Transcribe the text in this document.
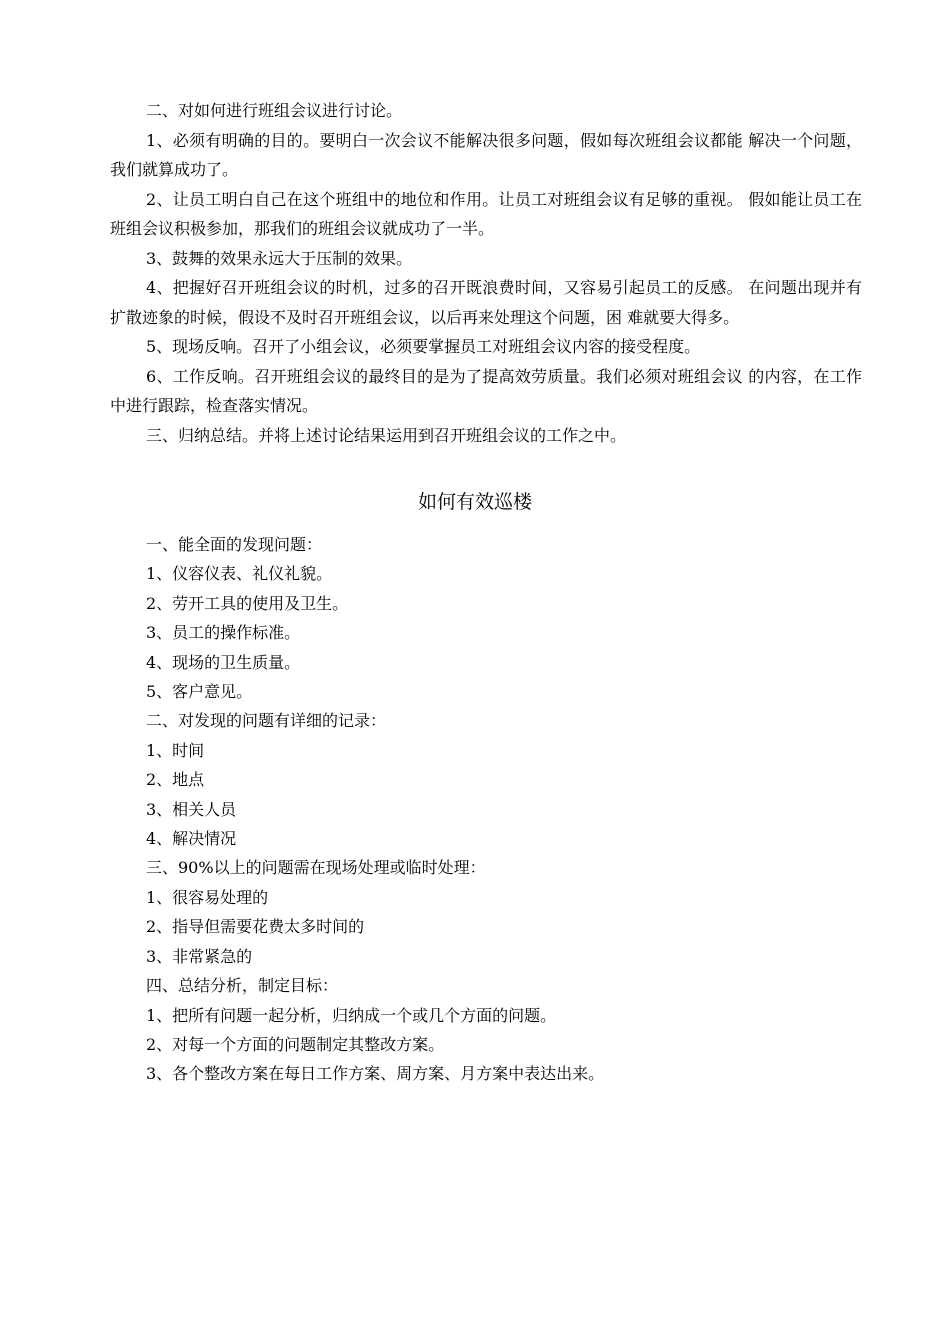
二、对如何进行班组会议进行讨论。

1、必须有明确的目的。要明白一次会议不能解决很多问题，假如每次班组会议都能 解决一个问题，我们就算成功了。

2、让员工明白自己在这个班组中的地位和作用。让员工对班组会议有足够的重视。 假如能让员工在班组会议积极参加，那我们的班组会议就成功了一半。

3、鼓舞的效果永远大于压制的效果。

4、把握好召开班组会议的时机，过多的召开既浪费时间，又容易引起员工的反感。 在问题出现并有扩散迹象的时候，假设不及时召开班组会议，以后再来处理这个问题，困 难就要大得多。

5、现场反响。召开了小组会议，必须要掌握员工对班组会议内容的接受程度。

6、工作反响。召开班组会议的最终目的是为了提高效劳质量。我们必须对班组会议 的内容，在工作中进行跟踪，检查落实情况。

三、归纳总结。并将上述讨论结果运用到召开班组会议的工作之中。

如何有效巡楼

一、能全面的发现问题：

1、仪容仪表、礼仪礼貌。

2、劳开工具的使用及卫生。

3、员工的操作标准。

4、现场的卫生质量。

5、客户意见。

二、对发现的问题有详细的记录：

1、时间

2、地点

3、相关人员

4、解决情况

三、90%以上的问题需在现场处理或临时处理：

1、很容易处理的

2、指导但需要花费太多时间的

3、非常紧急的

四、总结分析，制定目标：

1、把所有问题一起分析，归纳成一个或几个方面的问题。

2、对每一个方面的问题制定其整改方案。

3、各个整改方案在每日工作方案、周方案、月方案中表达出来。
